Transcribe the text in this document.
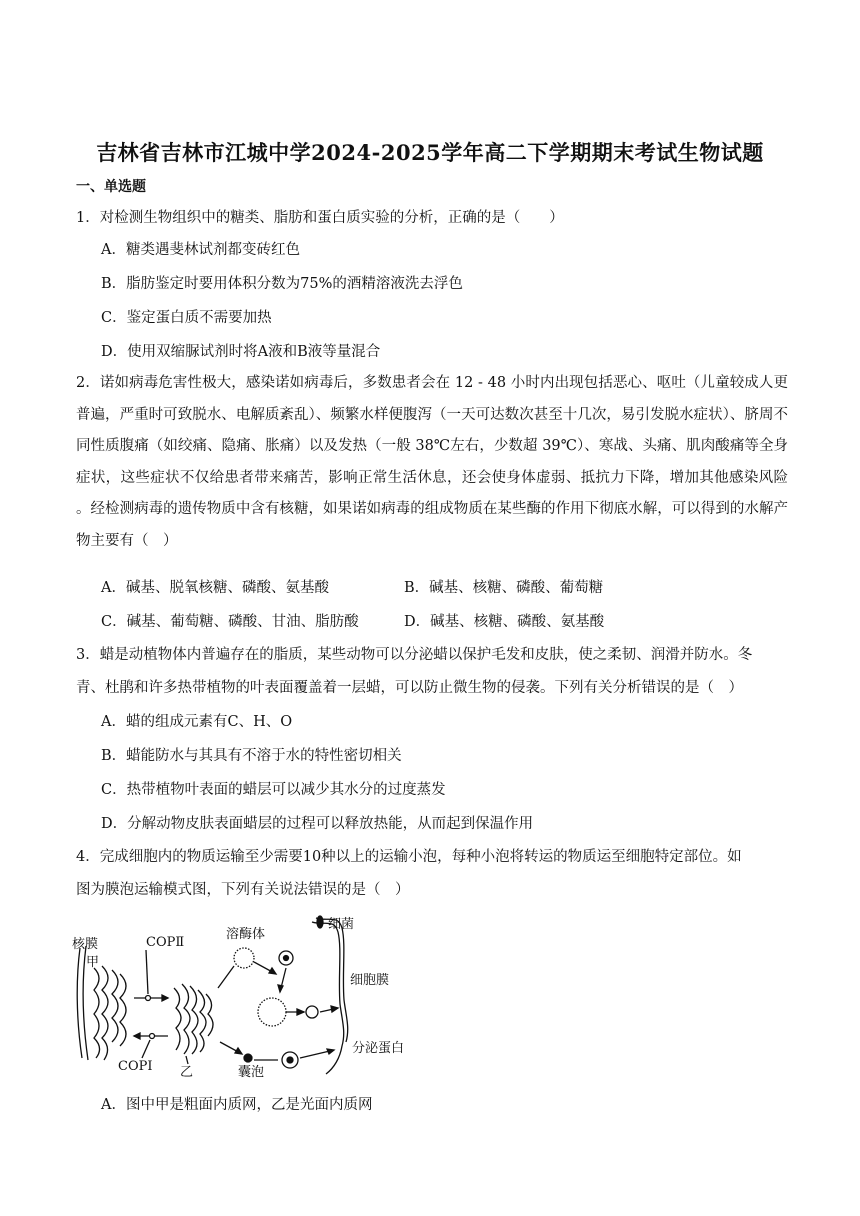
吉林省吉林市江城中学2024-2025学年高二下学期期末考试生物试题
一、单选题
1．对检测生物组织中的糖类、脂肪和蛋白质实验的分析，正确的是（　　）
A．糖类遇斐林试剂都变砖红色
B．脂肪鉴定时要用体积分数为75%的酒精溶液洗去浮色
C．鉴定蛋白质不需要加热
D．使用双缩脲试剂时将A液和B液等量混合
2．诺如病毒危害性极大，感染诺如病毒后，多数患者会在 12 - 48 小时内出现包括恶心、呕吐（儿童较成人更普遍，严重时可致脱水、电解质紊乱）、频繁水样便腹泻（一天可达数次甚至十几次，易引发脱水症状）、脐周不同性质腹痛（如绞痛、隐痛、胀痛）以及发热（一般 38℃左右，少数超 39℃）、寒战、头痛、肌肉酸痛等全身症状，这些症状不仅给患者带来痛苦，影响正常生活休息，还会使身体虚弱、抵抗力下降，增加其他感染风险 。经检测病毒的遗传物质中含有核糖，如果诺如病毒的组成物质在某些酶的作用下彻底水解，可以得到的水解产物主要有（　）
A．碱基、脱氧核糖、磷酸、氨基酸	B．碱基、核糖、磷酸、葡萄糖
C．碱基、葡萄糖、磷酸、甘油、脂肪酸	D．碱基、核糖、磷酸、氨基酸
3．蜡是动植物体内普遍存在的脂质，某些动物可以分泌蜡以保护毛发和皮肤，使之柔韧、润滑并防水。冬
青、杜鹃和许多热带植物的叶表面覆盖着一层蜡，可以防止微生物的侵袭。下列有关分析错误的是（　）
A．蜡的组成元素有C、H、O
B．蜡能防水与其具有不溶于水的特性密切相关
C．热带植物叶表面的蜡层可以减少其水分的过度蒸发
D．分解动物皮肤表面蜡层的过程可以释放热能，从而起到保温作用
4．完成细胞内的物质运输至少需要10种以上的运输小泡，每种小泡将转运的物质运至细胞特定部位。如
图为膜泡运输模式图，下列有关说法错误的是（　）
核膜
甲
COPⅡ
COPⅠ 乙
溶酶体
细菌
细胞膜
囊泡
分泌蛋白
A．图中甲是粗面内质网，乙是光面内质网
